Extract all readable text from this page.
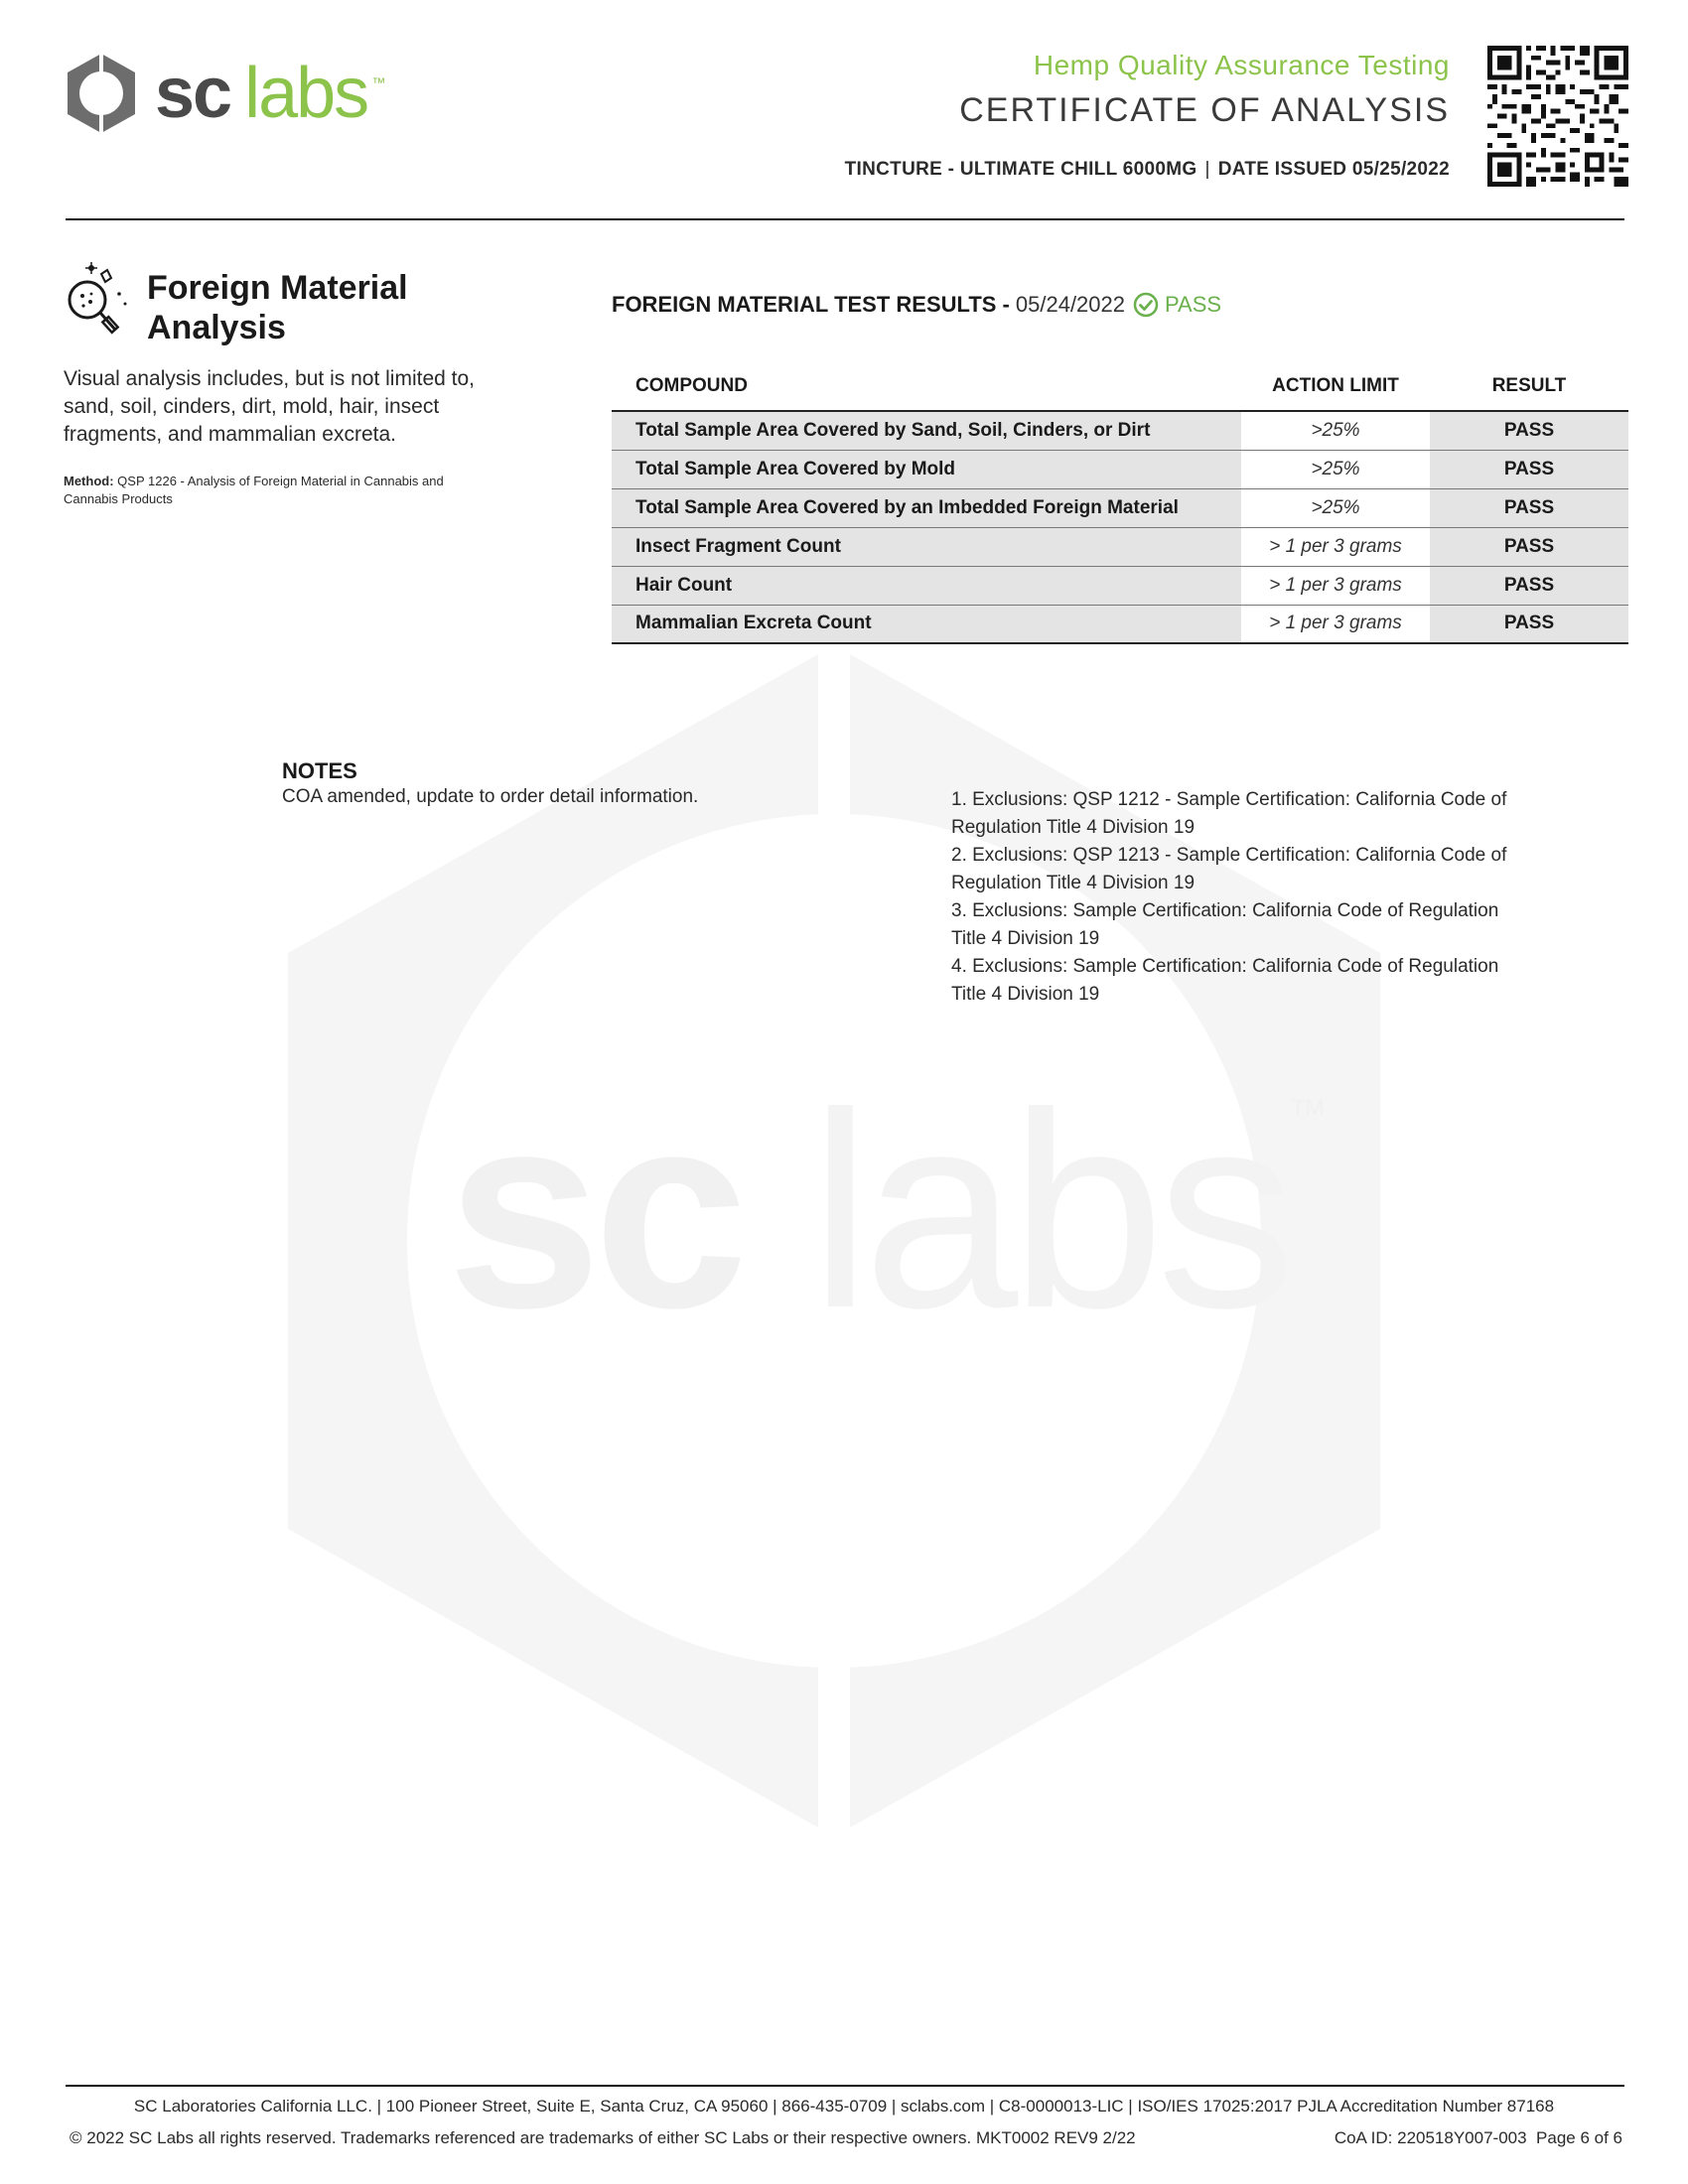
sc labs™
sc labs ™
Hemp Quality Assurance Testing
CERTIFICATE OF ANALYSIS
TINCTURE - ULTIMATE CHILL 6000MG | DATE ISSUED 05/25/2022
Foreign Material
Analysis

Visual analysis includes, but is not limited to, sand, soil, cinders, dirt, mold, hair, insect fragments, and mammalian excreta.

Method: QSP 1226 - Analysis of Foreign Material in Cannabis and Cannabis Products

FOREIGN MATERIAL TEST RESULTS - 05/24/2022 PASS
COMPOUND	ACTION LIMIT	RESULT
Total Sample Area Covered by Sand, Soil, Cinders, or Dirt	>25%	PASS
Total Sample Area Covered by Mold	>25%	PASS
Total Sample Area Covered by an Imbedded Foreign Material	>25%	PASS
Insect Fragment Count	> 1 per 3 grams	PASS
Hair Count	> 1 per 3 grams	PASS
Mammalian Excreta Count	> 1 per 3 grams	PASS
NOTES
COA amended, update to order detail information.	1. Exclusions: QSP 1212 - Sample Certification: California Code of Regulation Title 4 Division 19
2. Exclusions: QSP 1213 - Sample Certification: California Code of Regulation Title 4 Division 19
3. Exclusions: Sample Certification: California Code of Regulation Title 4 Division 19
4. Exclusions: Sample Certification: California Code of Regulation Title 4 Division 19
SC Laboratories California LLC. | 100 Pioneer Street, Suite E, Santa Cruz, CA 95060 | 866-435-0709 | sclabs.com | C8-0000013-LIC | ISO/IES 17025:2017 PJLA Accreditation Number 87168
© 2022 SC Labs all rights reserved. Trademarks referenced are trademarks of either SC Labs or their respective owners. MKT0002 REV9 2/22	CoA ID: 220518Y007-003 Page 6 of 6
